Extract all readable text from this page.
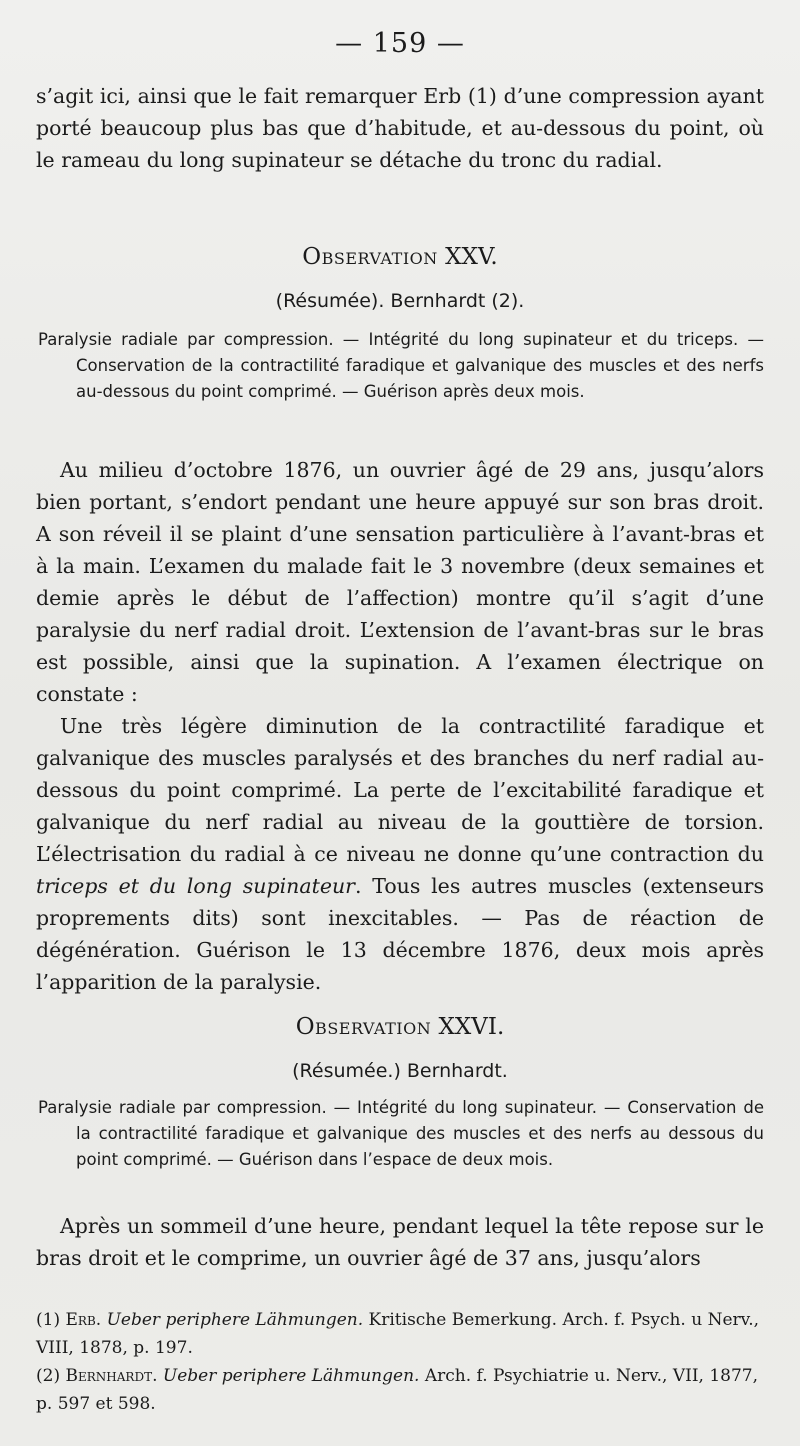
— 159 —

s’agit ici, ainsi que le fait remarquer Erb (1) d’une compression ayant porté beaucoup plus bas que d’habitude, et au-dessous du point, où le rameau du long supinateur se détache du tronc du radial.

Observation XXV.
(Résumée). Bernhardt (2).

Paralysie radiale par compression. — Intégrité du long supinateur et du triceps. — Conservation de la contractilité faradique et galvanique des muscles et des nerfs au-dessous du point comprimé. — Guérison après deux mois.

Au milieu d’octobre 1876, un ouvrier âgé de 29 ans, jusqu’alors bien portant, s’endort pendant une heure appuyé sur son bras droit. A son réveil il se plaint d’une sensation particulière à l’avant-bras et à la main. L’examen du malade fait le 3 novembre (deux semaines et demie après le début de l’affection) montre qu’il s’agit d’une paralysie du nerf radial droit. L’extension de l’avant-bras sur le bras est possible, ainsi que la supination. A l’examen électrique on constate :

Une très légère diminution de la contractilité faradique et galvanique des muscles paralysés et des branches du nerf radial au-dessous du point comprimé. La perte de l’excitabilité faradique et galvanique du nerf radial au niveau de la gouttière de torsion. L’électrisation du radial à ce niveau ne donne qu’une contraction du triceps et du long supinateur. Tous les autres muscles (extenseurs proprements dits) sont inexcitables. — Pas de réaction de dégénération. Guérison le 13 décembre 1876, deux mois après l’apparition de la paralysie.

Observation XXVI.
(Résumée.) Bernhardt.

Paralysie radiale par compression. — Intégrité du long supinateur. — Conservation de la contractilité faradique et galvanique des muscles et des nerfs au dessous du point comprimé. — Guérison dans l’espace de deux mois.

Après un sommeil d’une heure, pendant lequel la tête repose sur le bras droit et le comprime, un ouvrier âgé de 37 ans, jusqu’alors

(1) Erb. Ueber periphere Lähmungen. Kritische Bemerkung. Arch. f. Psych. u Nerv., VIII, 1878, p. 197.

(2) Bernhardt. Ueber periphere Lähmungen. Arch. f. Psychiatrie u. Nerv., VII, 1877, p. 597 et 598.
